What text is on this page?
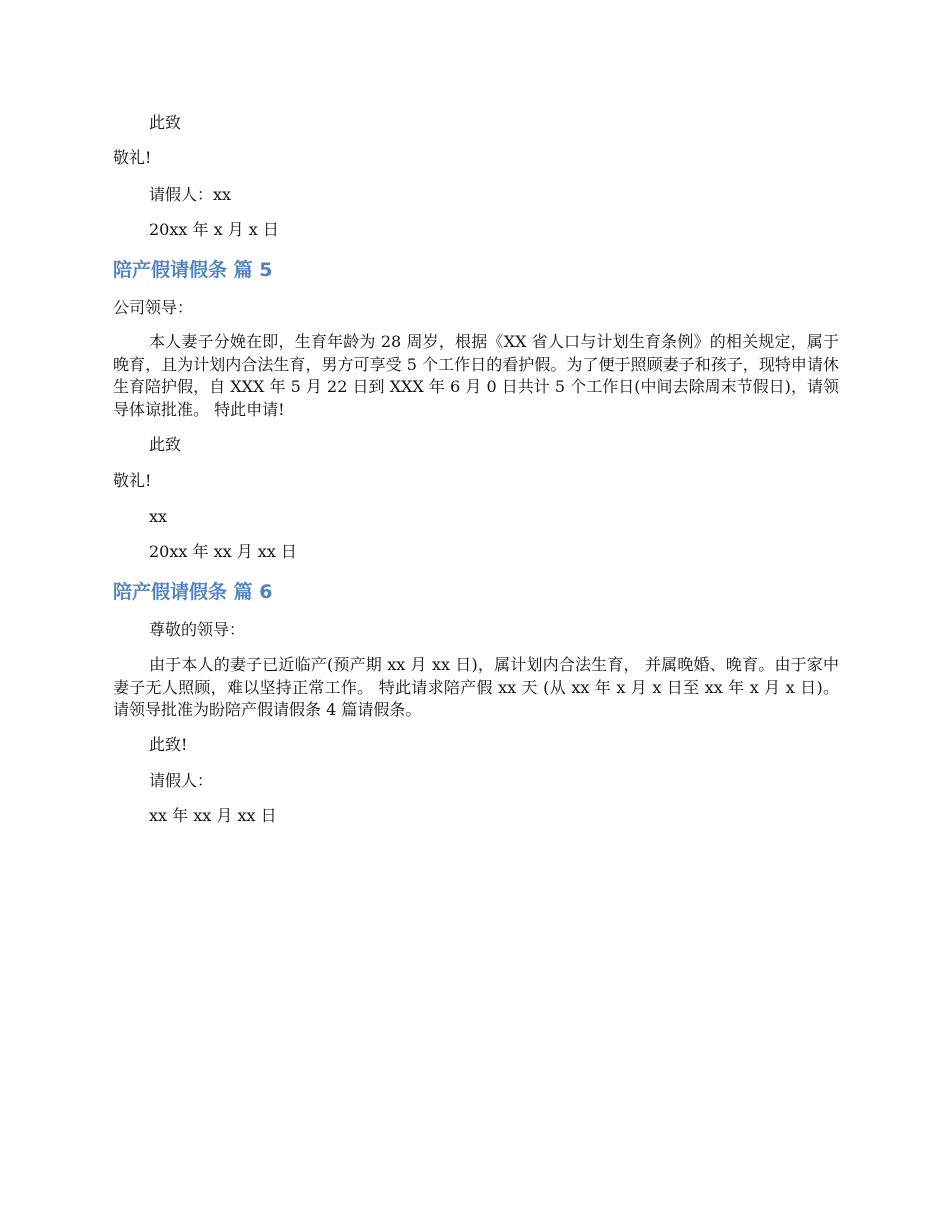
此致
敬礼!
请假人：xx
20xx 年 x 月 x 日
陪产假请假条 篇 5
公司领导：
本人妻子分娩在即，生育年龄为 28 周岁，根据《XX 省人口与计划生育条例》的相关规定，属于晚育，且为计划内合法生育，男方可享受 5 个工作日的看护假。为了便于照顾妻子和孩子，现特申请休生育陪护假，自 XXX 年 5 月 22 日到 XXX 年 6 月 0 日共计 5 个工作日(中间去除周末节假日)，请领导体谅批准。 特此申请!
此致
敬礼!
xx
20xx 年 xx 月 xx 日
陪产假请假条 篇 6
尊敬的领导：
由于本人的妻子已近临产(预产期 xx 月 xx 日)，属计划内合法生育， 并属晚婚、晚育。由于家中妻子无人照顾，难以坚持正常工作。 特此请求陪产假 xx 天 (从 xx 年 x 月 x 日至 xx 年 x 月 x 日)。请领导批准为盼陪产假请假条 4 篇请假条。
此致!
请假人：
xx 年 xx 月 xx 日
